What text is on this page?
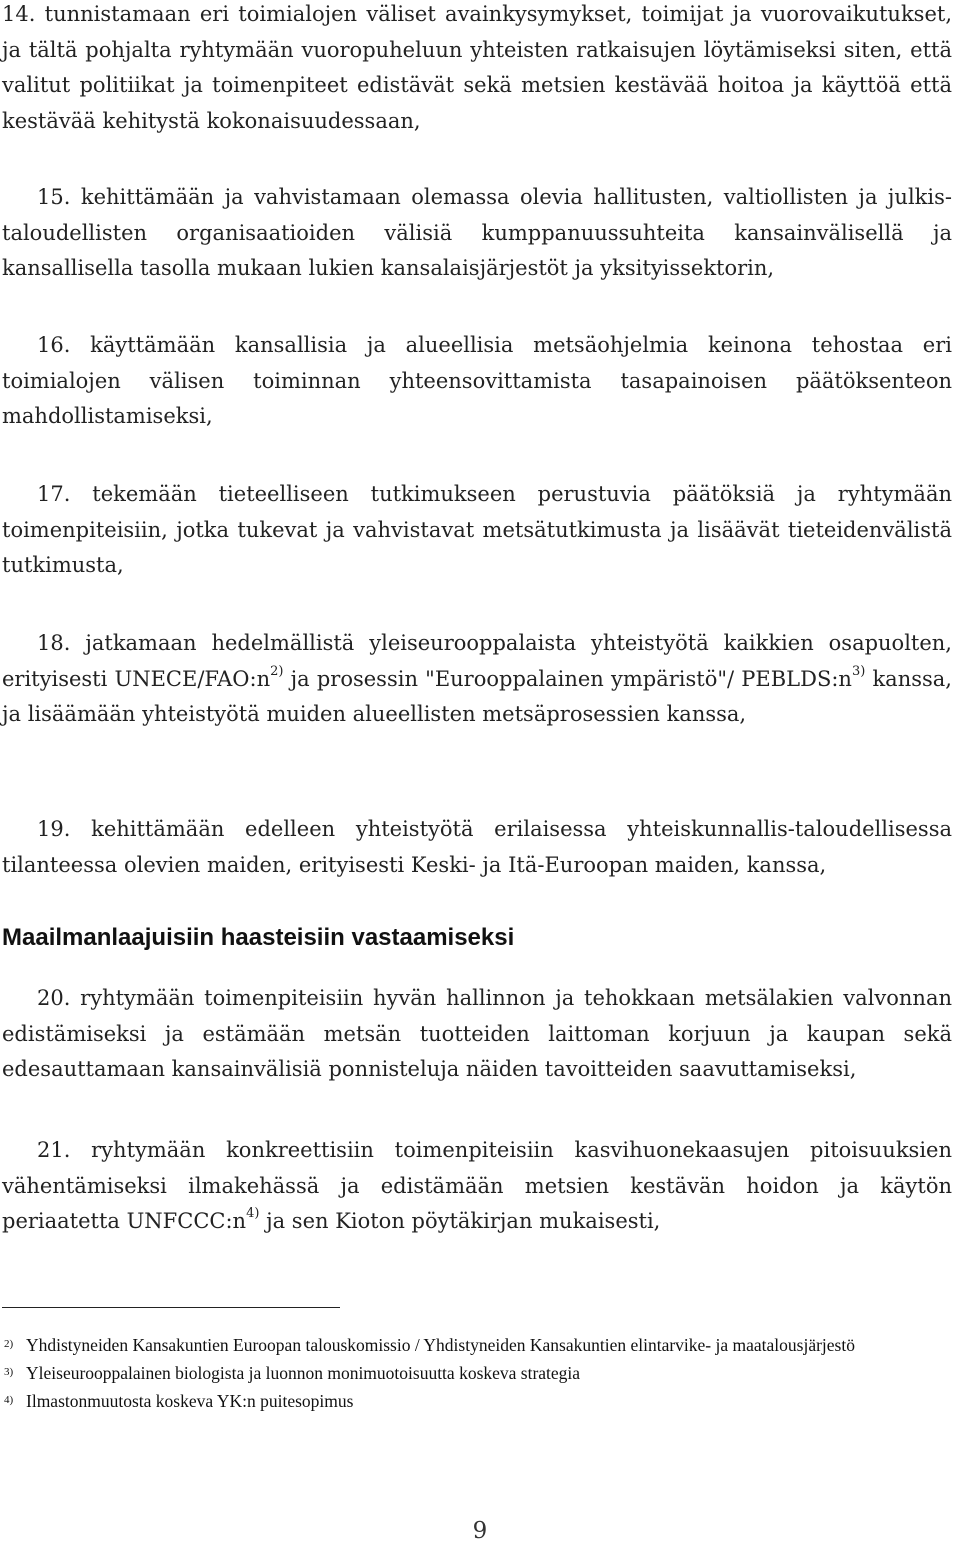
14. tunnistamaan eri toimialojen väliset avainkysymykset, toimijat ja vuorovaikutukset, ja tältä pohjalta ryhtymään vuoropuheluun yhteisten ratkaisujen löytämiseksi siten, että valitut politiikat ja toimenpiteet edistävät sekä metsien kestävää hoitoa ja käyttöä että kestävää kehitystä kokonaisuudessaan,

15. kehittämään ja vahvistamaan olemassa olevia hallitusten, valtiollisten ja julkis-taloudellisten organisaatioiden välisiä kumppanuussuhteita kansainvälisellä ja kansallisella tasolla mukaan lukien kansalaisjärjestöt ja yksityissektorin,

16. käyttämään kansallisia ja alueellisia metsäohjelmia keinona tehostaa eri toimialojen välisen toiminnan yhteensovittamista tasapainoisen päätöksenteon mahdollistamiseksi,

17. tekemään tieteelliseen tutkimukseen perustuvia päätöksiä ja ryhtymään toimenpiteisiin, jotka tukevat ja vahvistavat metsätutkimusta ja lisäävät tieteidenvälistä tutkimusta,

18. jatkamaan hedelmällistä yleiseurooppalaista yhteistyötä kaikkien osapuolten, erityisesti UNECE/$FAO:n^{2)}$ ja prosessin "Eurooppalainen ympäristö"/ $PEBLDS:n^{3)}$ kanssa, ja lisäämään yhteistyötä muiden alueellisten metsäprosessien kanssa,

19. kehittämään edelleen yhteistyötä erilaisessa yhteiskunnallis-taloudellisessa tilanteessa olevien maiden, erityisesti Keski- ja Itä-Euroopan maiden, kanssa,

Maailmanlaajuisiin haasteisiin vastaamiseksi

20. ryhtymään toimenpiteisiin hyvän hallinnon ja tehokkaan metsälakien valvonnan edistämiseksi ja estämään metsän tuotteiden laittoman korjuun ja kaupan sekä edesauttamaan kansainvälisiä ponnisteluja näiden tavoitteiden saavuttamiseksi,

21. ryhtymään konkreettisiin toimenpiteisiin kasvihuonekaasujen pitoisuuksien vähentämiseksi ilmakehässä ja edistämään metsien kestävän hoidon ja käytön periaatetta $UNFCCC:n^{4)}$ ja sen Kioton pöytäkirjan mukaisesti,

2) Yhdistyneiden Kansakuntien Euroopan talouskomissio / Yhdistyneiden Kansakuntien elintarvike- ja maatalousjärjestö
3) Yleiseurooppalainen biologista ja luonnon monimuotoisuutta koskeva strategia
4) Ilmastonmuutosta koskeva YK:n puitesopimus
9
